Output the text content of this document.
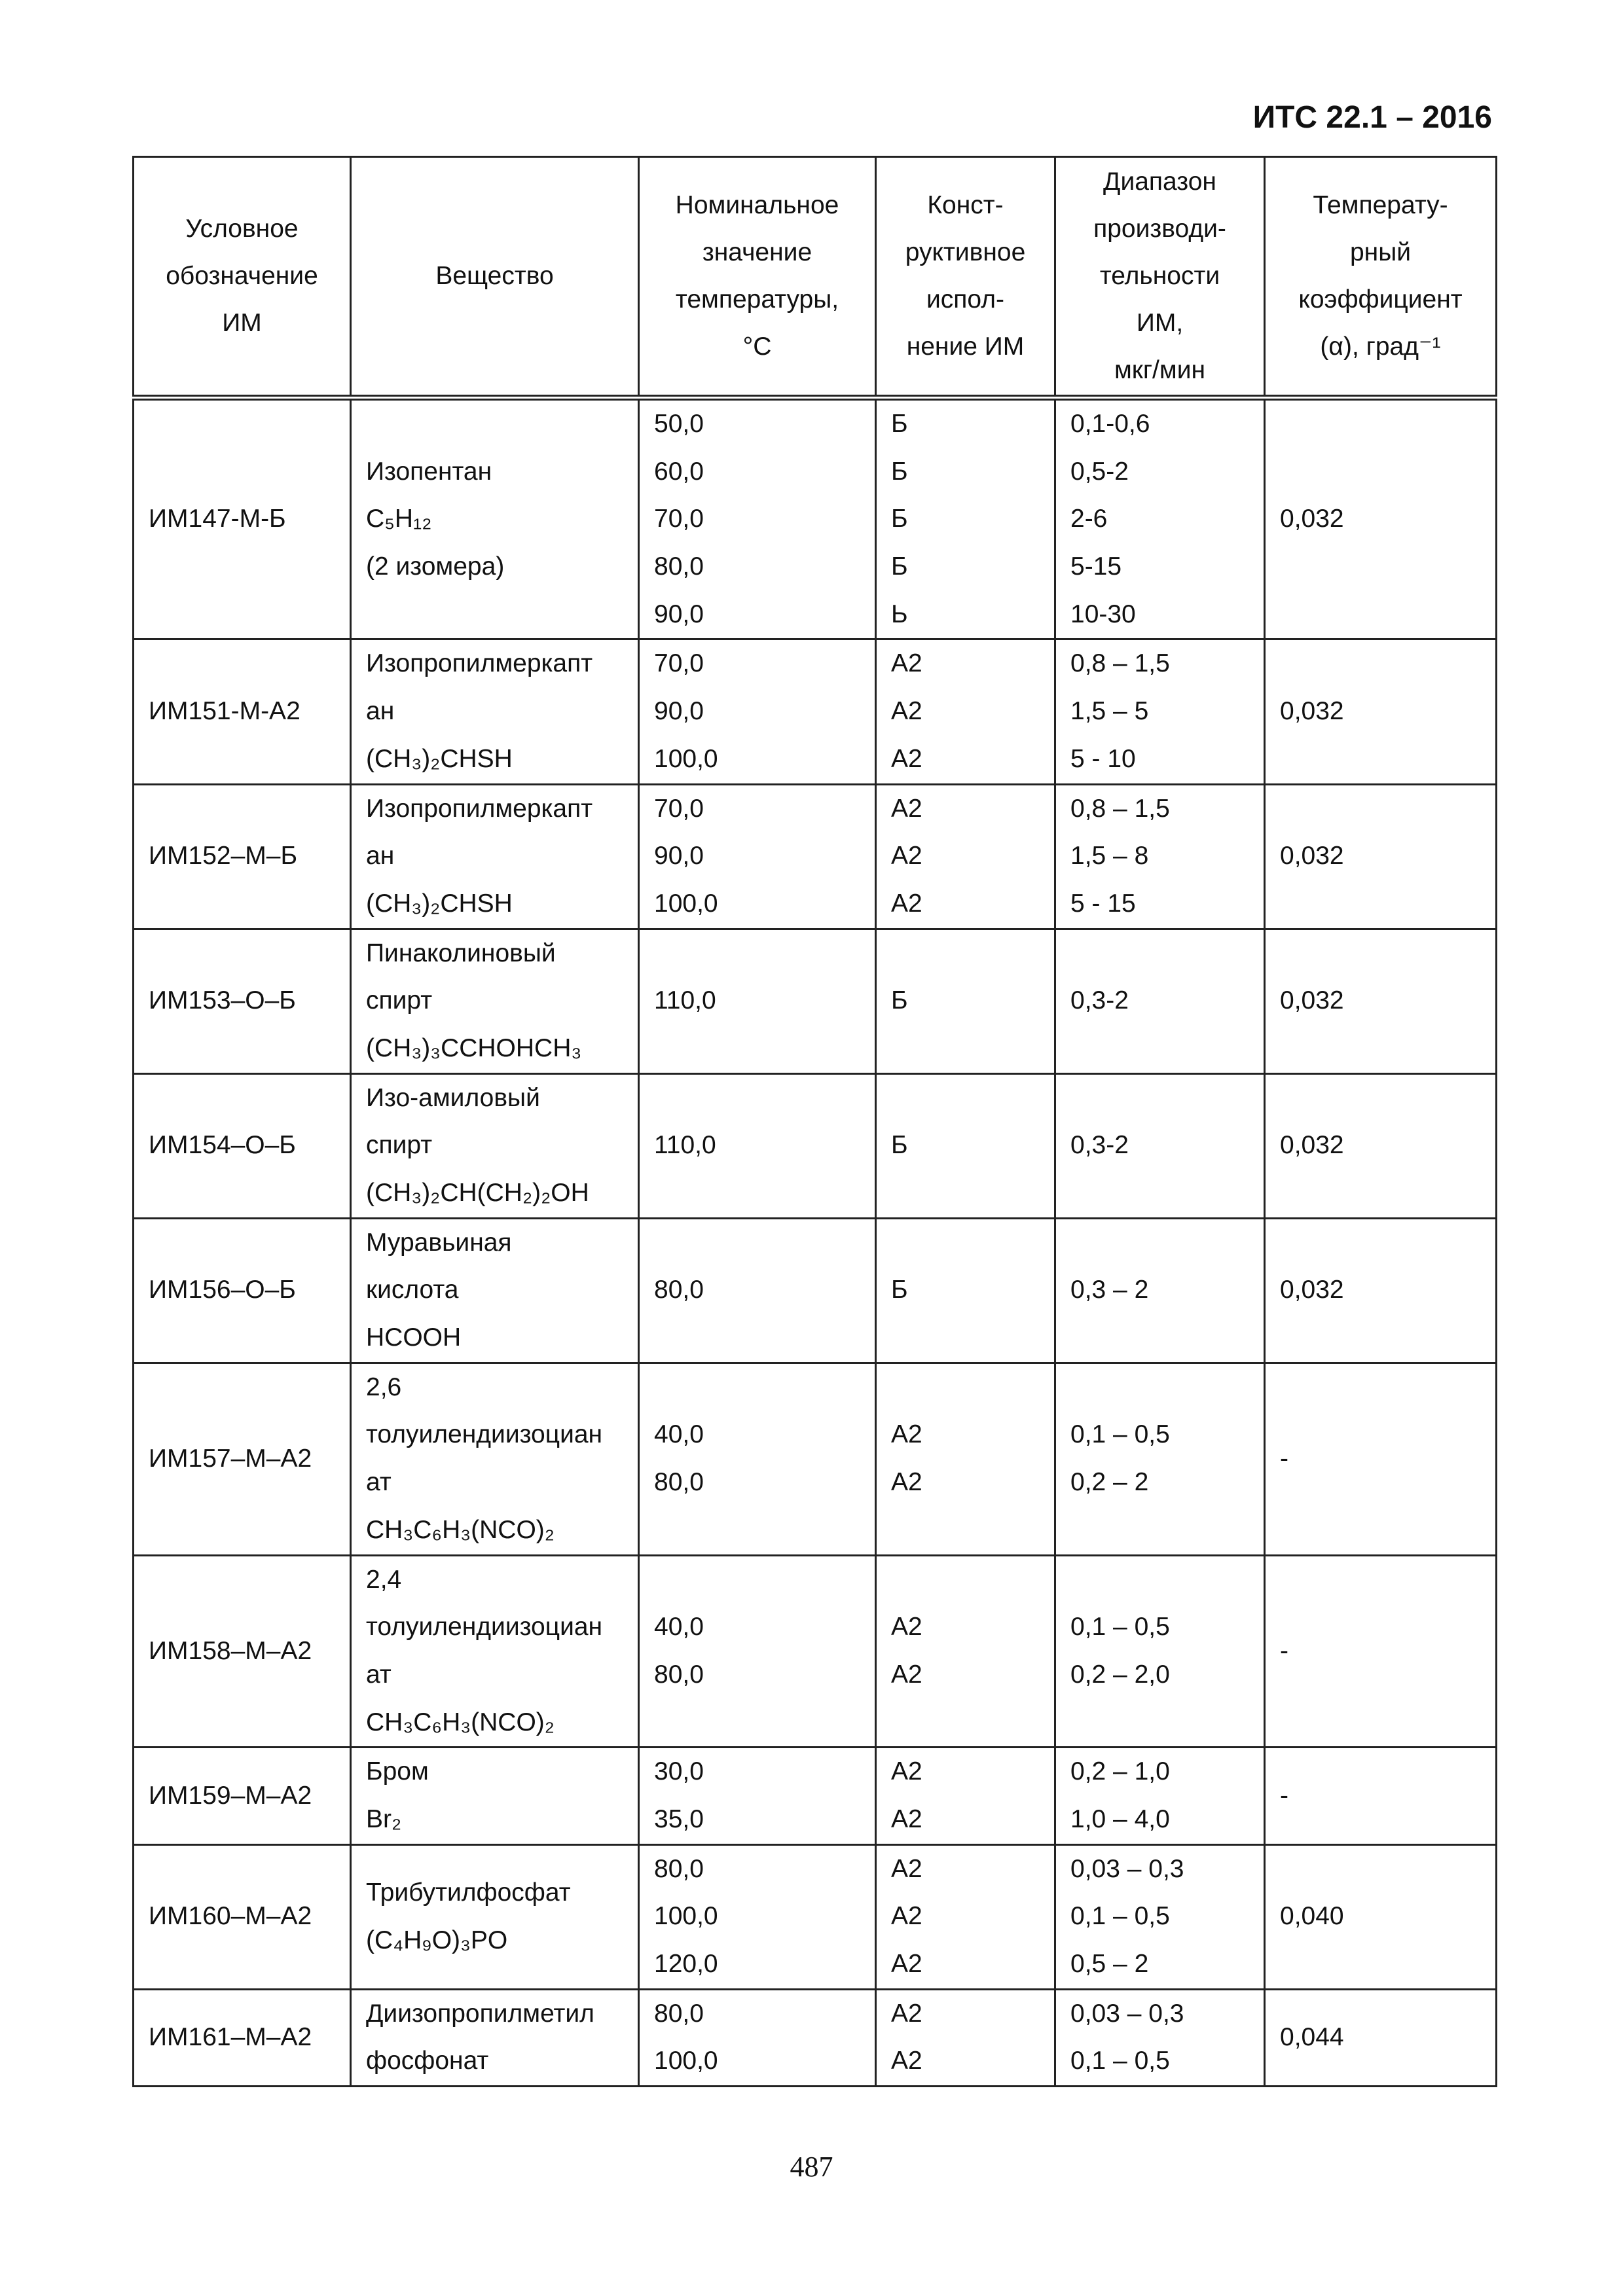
ИТС 22.1 – 2016
Условное
обозначение
ИМ	Вещество	Номинальное
значение
температуры,
°С	Конст-
руктивное
испол-
нение ИМ	Диапазон
производи-
тельности
ИМ,
мкг/мин	Температу-
рный
коэффициент
(α), град⁻¹

ИМ147-М-Б	Изопентан
C₅H₁₂
(2 изомера)	50,0
60,0
70,0
80,0
90,0	Б
Б
Б
Б
Ь	0,1-0,6
0,5-2
2-6
5-15
10-30	0,032
ИМ151-М-А2	Изопропилмеркапт
ан
(CH₃)₂CHSH	70,0
90,0
100,0	А2
А2
А2	0,8 – 1,5
1,5 – 5
5 - 10	0,032
ИМ152–М–Б	Изопропилмеркапт
ан
(CH₃)₂CHSH	70,0
90,0
100,0	А2
А2
А2	0,8 – 1,5
1,5 – 8
5 - 15	0,032
ИМ153–О–Б	Пинаколиновый
спирт
(CH₃)₃CCHOHCH₃	110,0	Б	0,3-2	0,032
ИМ154–О–Б	Изо-амиловый
спирт
(CH₃)₂CH(CH₂)₂OH	110,0	Б	0,3-2	0,032
ИМ156–О–Б	Муравьиная
кислота
HCOOH	80,0	Б	0,3 – 2	0,032
ИМ157–М–А2	2,6
толуилендиизоциан
ат
CH₃C₆H₃(NCO)₂	40,0
80,0	А2
А2	0,1 – 0,5
0,2 – 2	-
ИМ158–М–А2	2,4
толуилендиизоциан
ат
CH₃C₆H₃(NCO)₂	40,0
80,0	А2
А2	0,1 – 0,5
0,2 – 2,0	-
ИМ159–М–А2	Бром
Br₂	30,0
35,0	А2
А2	0,2 – 1,0
1,0 – 4,0	-
ИМ160–М–А2	Трибутилфосфат
(C₄H₉O)₃PO	80,0
100,0
120,0	А2
А2
А2	0,03 – 0,3
0,1 – 0,5
0,5 – 2	0,040
ИМ161–М–А2	Диизопропилметил
фосфонат	80,0
100,0	А2
А2	0,03 – 0,3
0,1 – 0,5	0,044
487
